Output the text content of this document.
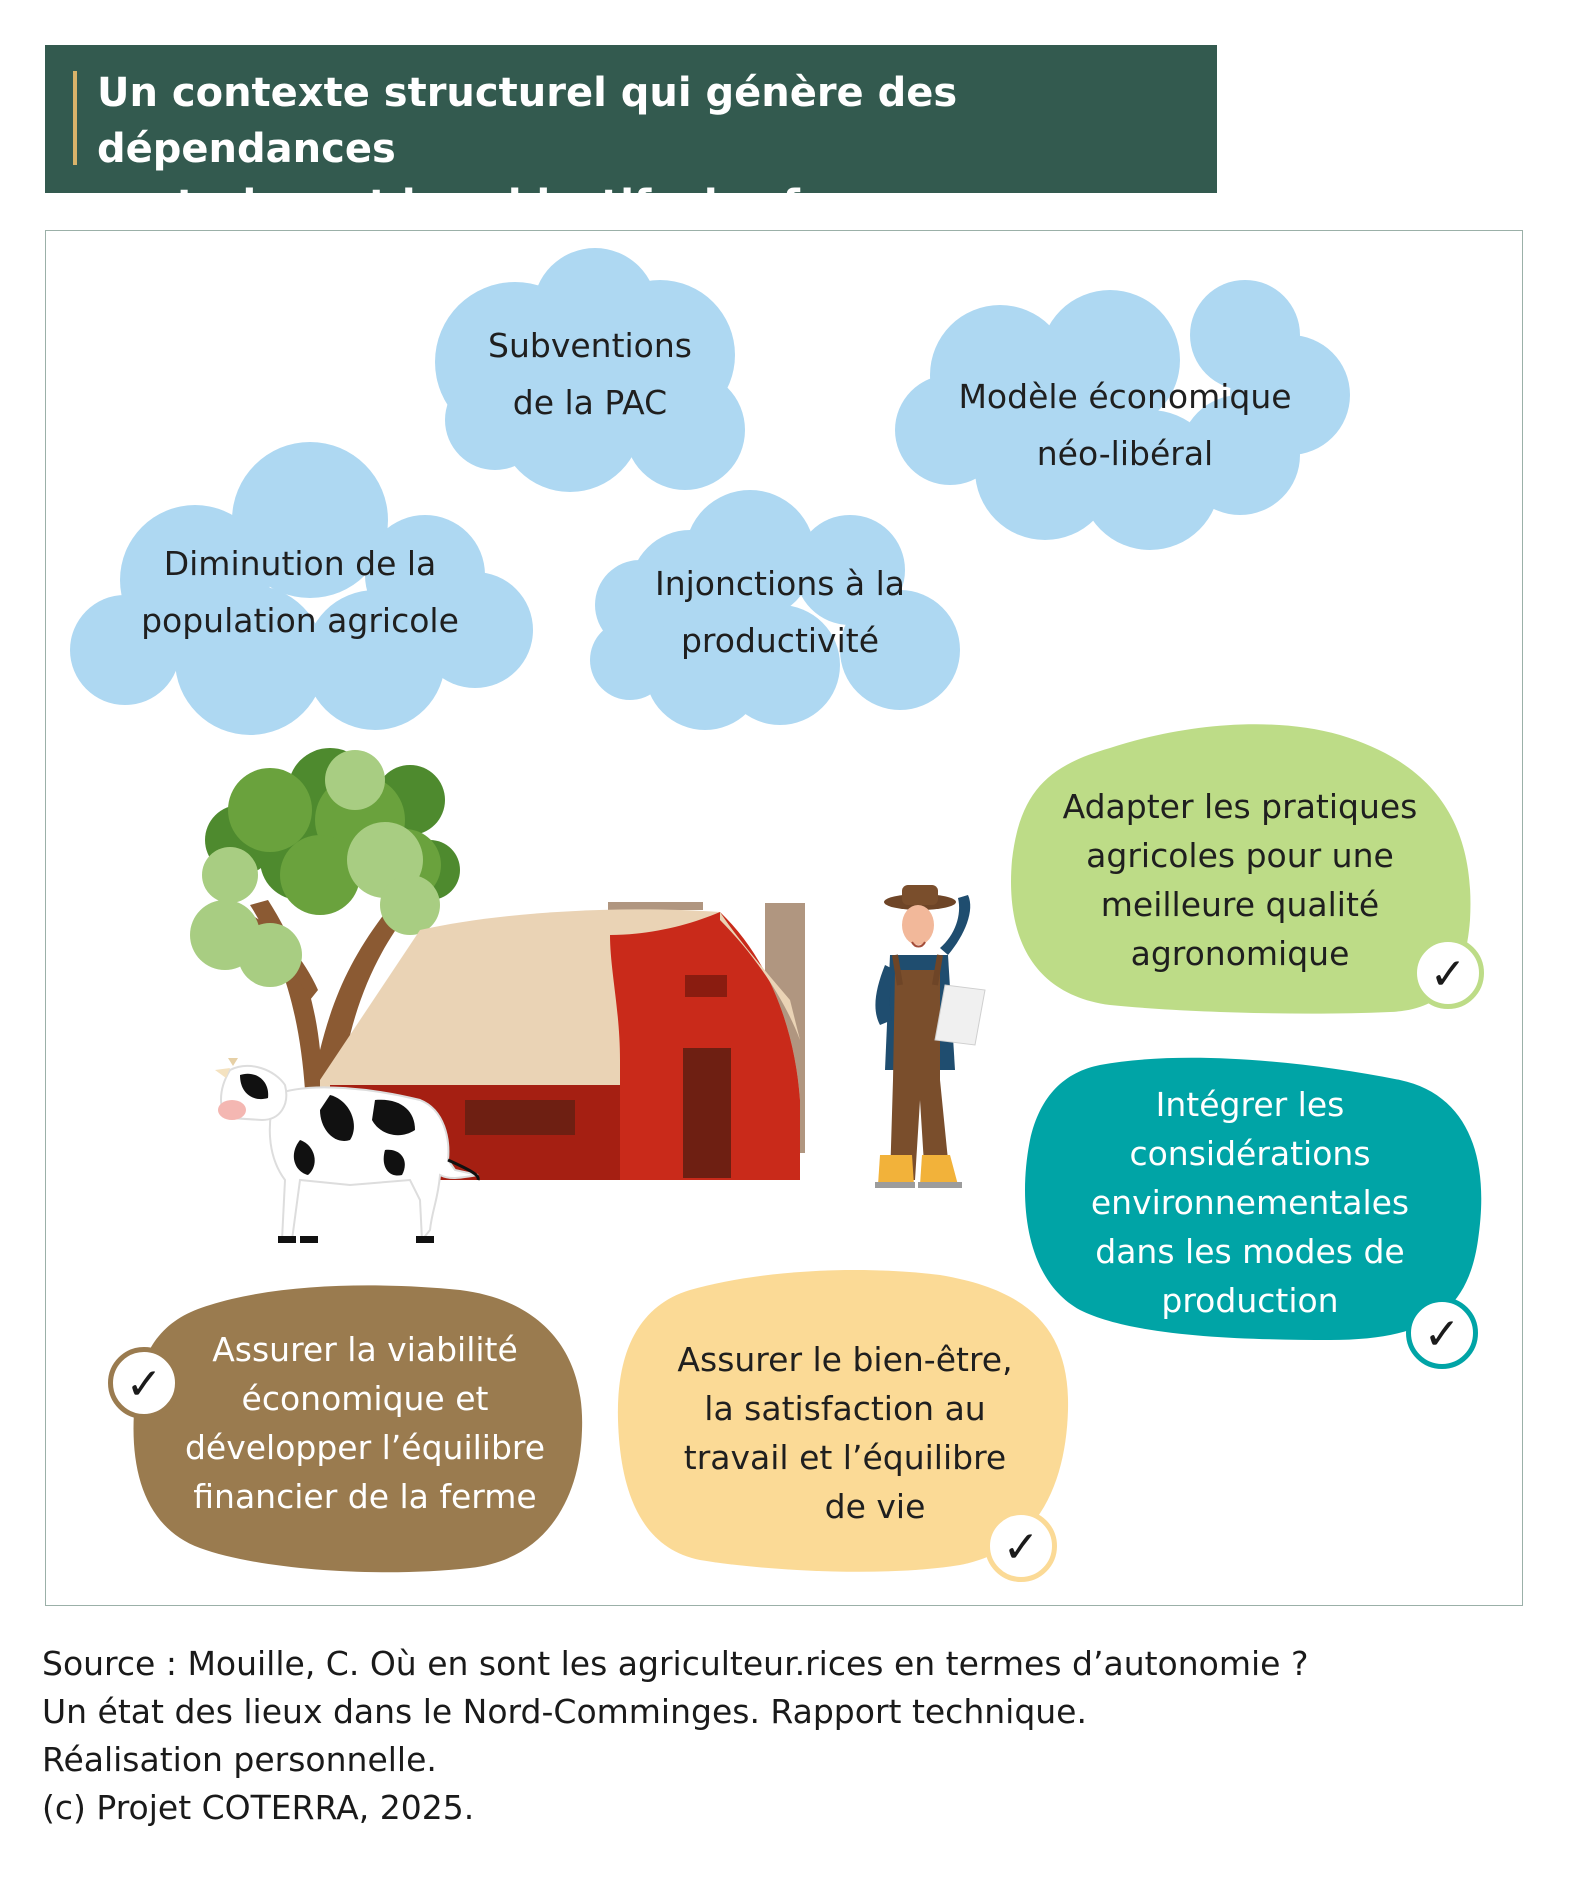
Un contexte structurel qui génère des dépendances
contraignant les objectifs des fermes
Subventions
de la PAC	Modèle économique
néo-libéral
Diminution de la
population agricole
Injonctions à la
productivité
Adapter les pratiques
agricoles pour une
meilleure qualité
agronomique
Intégrer les
considérations
environnementales
dans les modes de
production
Assurer la viabilité
économique et
développer l’équilibre
financier de la ferme
Assurer le bien-être,
la satisfaction au
travail et l’équilibre
de vie
✓
✓
✓
✓
Source : Mouille, C. Où en sont les agriculteur.rices en termes d’autonomie ?
Un état des lieux dans le Nord-Comminges. Rapport technique.
Réalisation personnelle.
(c) Projet COTERRA, 2025.
